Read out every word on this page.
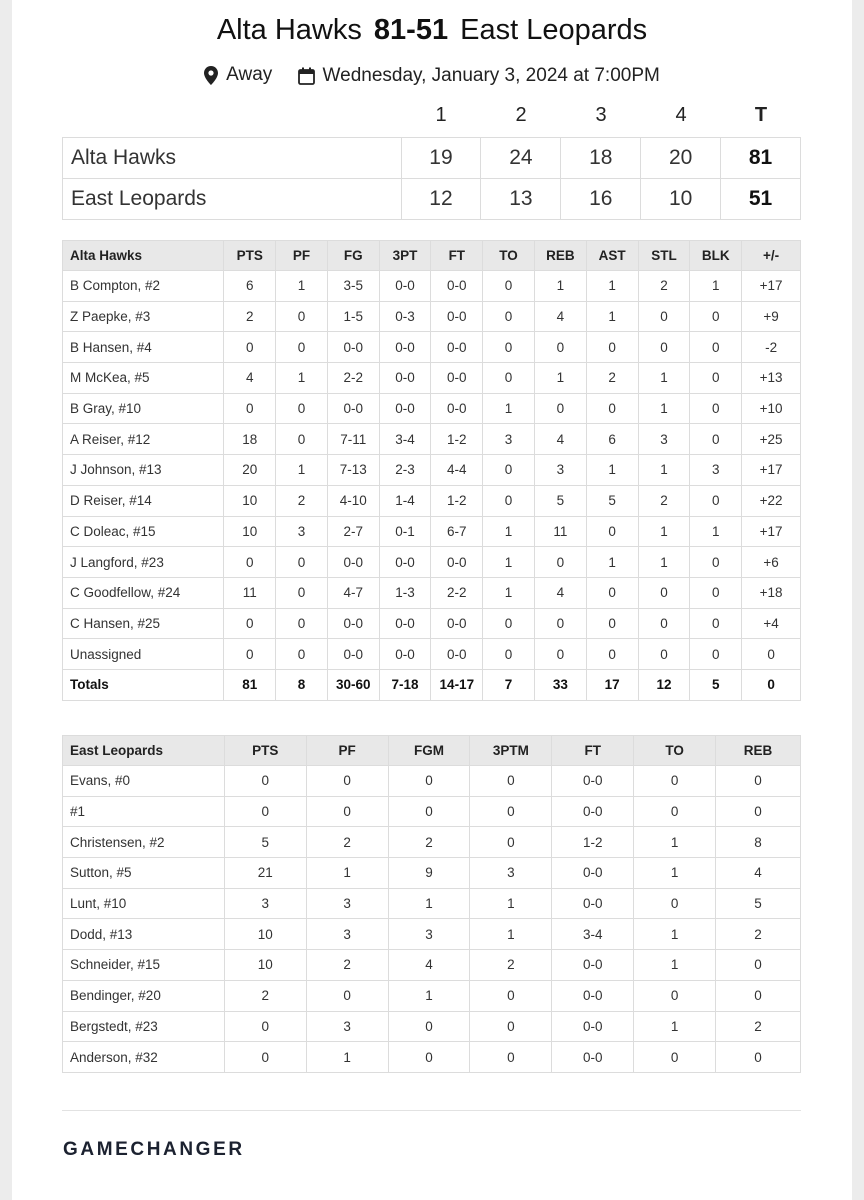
Alta Hawks 81-51 East Leopards
Away
	Wednesday, January 3, 2024 at 7:00PM
1	2	3	4	T
Alta Hawks	19	24	18	20	81
East Leopards	12	13	16	10	51
Alta Hawks	PTS	PF	FG	3PT	FT	TO	REB	AST	STL	BLK	+/-
B Compton, #2	6	1	3-5	0-0	0-0	0	1	1	2	1	+17
Z Paepke, #3	2	0	1-5	0-3	0-0	0	4	1	0	0	+9
B Hansen, #4	0	0	0-0	0-0	0-0	0	0	0	0	0	-2
M McKea, #5	4	1	2-2	0-0	0-0	0	1	2	1	0	+13
B Gray, #10	0	0	0-0	0-0	0-0	1	0	0	1	0	+10
A Reiser, #12	18	0	7-11	3-4	1-2	3	4	6	3	0	+25
J Johnson, #13	20	1	7-13	2-3	4-4	0	3	1	1	3	+17
D Reiser, #14	10	2	4-10	1-4	1-2	0	5	5	2	0	+22
C Doleac, #15	10	3	2-7	0-1	6-7	1	11	0	1	1	+17
J Langford, #23	0	0	0-0	0-0	0-0	1	0	1	1	0	+6
C Goodfellow, #24	11	0	4-7	1-3	2-2	1	4	0	0	0	+18
C Hansen, #25	0	0	0-0	0-0	0-0	0	0	0	0	0	+4
Unassigned	0	0	0-0	0-0	0-0	0	0	0	0	0	0
Totals	81	8	30-60	7-18	14-17	7	33	17	12	5	0
East Leopards	PTS	PF	FGM	3PTM	FT	TO	REB
Evans, #0	0	0	0	0	0-0	0	0
#1	0	0	0	0	0-0	0	0
Christensen, #2	5	2	2	0	1-2	1	8
Sutton, #5	21	1	9	3	0-0	1	4
Lunt, #10	3	3	1	1	0-0	0	5
Dodd, #13	10	3	3	1	3-4	1	2
Schneider, #15	10	2	4	2	0-0	1	0
Bendinger, #20	2	0	1	0	0-0	0	0
Bergstedt, #23	0	3	0	0	0-0	1	2
Anderson, #32	0	1	0	0	0-0	0	0
GAMECHANGER
